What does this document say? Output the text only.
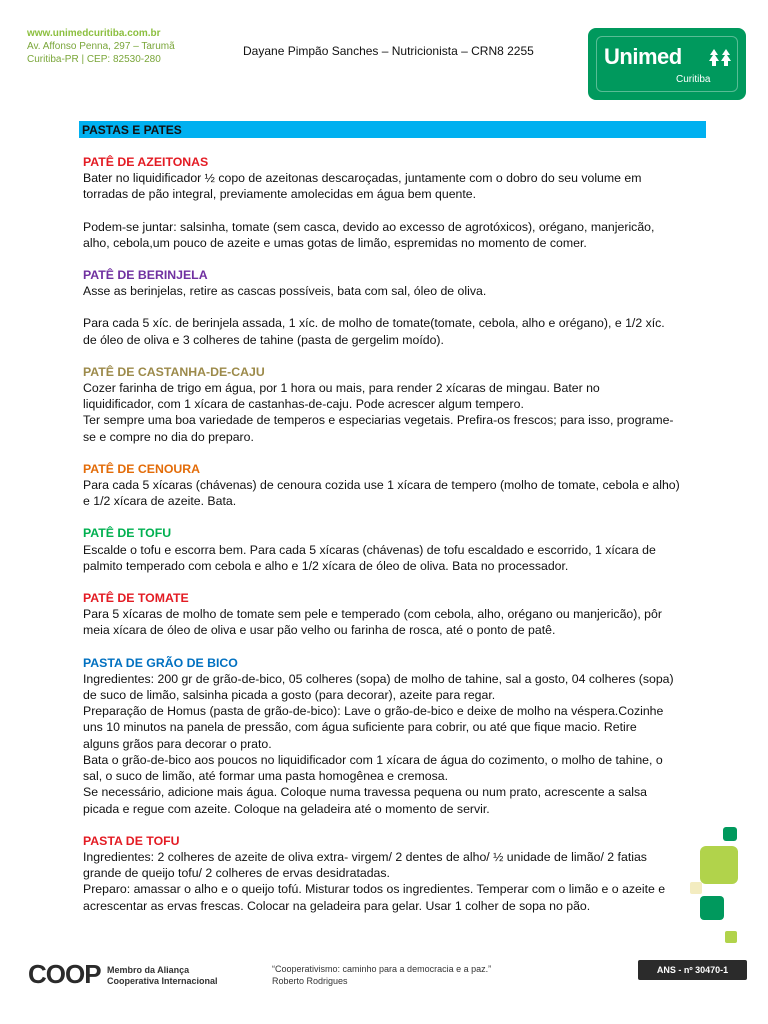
www.unimedcuritiba.com.br
Av. Affonso Penna, 297 – Tarumã
Curitiba-PR | CEP: 82530-280
Dayane Pimpão Sanches – Nutricionista – CRN8 2255	Unimed
Curitiba
PASTAS E PATES
PATÊ DE AZEITONAS

Bater no liquidificador ½ copo de azeitonas descaroçadas, juntamente com o dobro do seu volume em

torradas de pão integral, previamente amolecidas em água bem quente.

Podem-se juntar: salsinha, tomate (sem casca, devido ao excesso de agrotóxicos), orégano, manjericão,

alho, cebola,um pouco de azeite e umas gotas de limão, espremidas no momento de comer.

PATÊ DE BERINJELA

Asse as berinjelas, retire as cascas possíveis, bata com sal, óleo de oliva.

Para cada 5 xíc. de berinjela assada, 1 xíc. de molho de tomate(tomate, cebola, alho e orégano), e 1/2 xíc.

de óleo de oliva e 3 colheres de tahine (pasta de gergelim moído).

PATÊ DE CASTANHA-DE-CAJU

Cozer farinha de trigo em água, por 1 hora ou mais, para render 2 xícaras de mingau. Bater no

liquidificador, com 1 xícara de castanhas-de-caju. Pode acrescer algum tempero.

Ter sempre uma boa variedade de temperos e especiarias vegetais. Prefira-os frescos; para isso, programe-

se e compre no dia do preparo.

PATÊ DE CENOURA

Para cada 5 xícaras (chávenas) de cenoura cozida use 1 xícara de tempero (molho de tomate, cebola e alho)

e 1/2 xícara de azeite. Bata.

PATÊ DE TOFU

Escalde o tofu e escorra bem. Para cada 5 xícaras (chávenas) de tofu escaldado e escorrido, 1 xícara de

palmito temperado com cebola e alho e 1/2 xícara de óleo de oliva. Bata no processador.

PATÊ DE TOMATE

Para 5 xícaras de molho de tomate sem pele e temperado (com cebola, alho, orégano ou manjericão), pôr

meia xícara de óleo de oliva e usar pão velho ou farinha de rosca, até o ponto de patê.

PASTA DE GRÃO DE BICO

Ingredientes: 200 gr de grão-de-bico, 05 colheres (sopa) de molho de tahine, sal a gosto, 04 colheres (sopa)

de suco de limão, salsinha picada a gosto (para decorar), azeite para regar.

Preparação de Homus (pasta de grão-de-bico): Lave o grão-de-bico e deixe de molho na véspera.Cozinhe

uns 10 minutos na panela de pressão, com água suficiente para cobrir, ou até que fique macio. Retire

alguns grãos para decorar o prato.

Bata o grão-de-bico aos poucos no liquidificador com 1 xícara de água do cozimento, o molho de tahine, o

sal, o suco de limão, até formar uma pasta homogênea e cremosa.

Se necessário, adicione mais água. Coloque numa travessa pequena ou num prato, acrescente a salsa

picada e regue com azeite. Coloque na geladeira até o momento de servir.

PASTA DE TOFU

Ingredientes: 2 colheres de azeite de oliva extra- virgem/ 2 dentes de alho/ ½ unidade de limão/ 2 fatias

grande de queijo tofu/ 2 colheres de ervas desidratadas.

Preparo: amassar o alho e o queijo tofú. Misturar todos os ingredientes. Temperar com o limão e o azeite e

acrescentar as ervas frescas. Colocar na geladeira para gelar. Usar 1 colher de sopa no pão.

COOP Membro da Aliança
Cooperativa Internacional
“Cooperativismo: caminho para a democracia e a paz.”
Roberto Rodrigues
ANS - nº 30470-1
